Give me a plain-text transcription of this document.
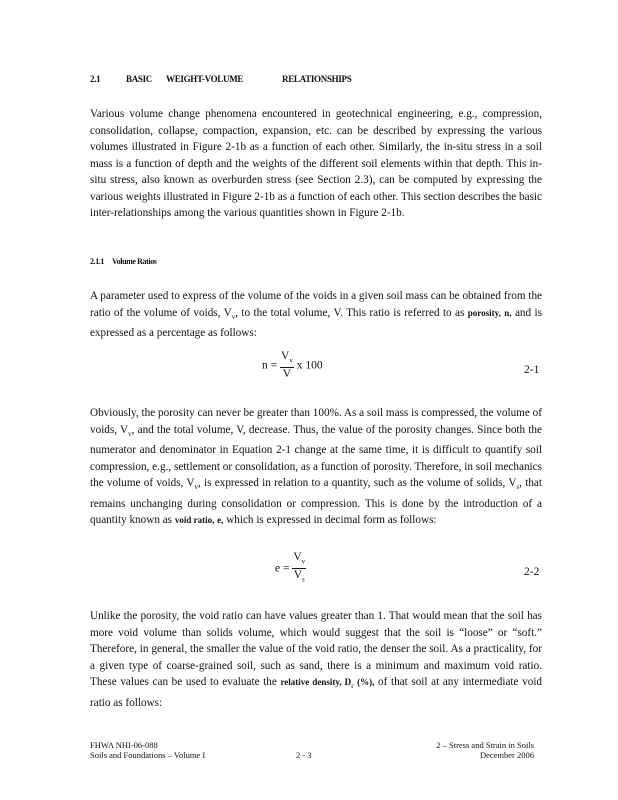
2.1	BASIC WEIGHT-VOLUME	RELATIONSHIPS

Various volume change phenomena encountered in geotechnical engineering, e.g., compression, consolidation, collapse, compaction, expansion, etc. can be described by expressing the various volumes illustrated in Figure 2-1b as a function of each other. Similarly, the in-situ stress in a soil mass is a function of depth and the weights of the different soil elements within that depth. This in-situ stress, also known as overburden stress (see Section 2.3), can be computed by expressing the various weights illustrated in Figure 2-1b as a function of each other. This section describes the basic inter-relationships among the various quantities shown in Figure 2-1b.

2.1.1 Volume Ratios

A parameter used to express of the volume of the voids in a given soil mass can be obtained from the ratio of the volume of voids, $V_v$, to the total volume, V. This ratio is referred to as porosity, n, and is expressed as a percentage as follows:

$n = \frac{V_v}{V}$ x 100	2-1

Obviously, the porosity can never be greater than 100%. As a soil mass is compressed, the volume of voids, $V_v$, and the total volume, V, decrease. Thus, the value of the porosity changes. Since both the numerator and denominator in Equation 2-1 change at the same time, it is difficult to quantify soil compression, e.g., settlement or consolidation, as a function of porosity. Therefore, in soil mechanics the volume of voids, $V_v$, is expressed in relation to a quantity, such as the volume of solids, $V_s$, that remains unchanging during consolidation or compression. This is done by the introduction of a quantity known as void ratio, e, which is expressed in decimal form as follows:

$e = \frac{V_v}{V_s}$	2-2

Unlike the porosity, the void ratio can have values greater than 1. That would mean that the soil has more void volume than solids volume, which would suggest that the soil is “loose” or “soft.” Therefore, in general, the smaller the value of the void ratio, the denser the soil. As a practicality, for a given type of coarse-grained soil, such as sand, there is a minimum and maximum void ratio. These values can be used to evaluate the relative density, $D_r$ (%), of that soil at any intermediate void ratio as follows:

FHWA NHI-06-088
Soils and Foundations – Volume I	2 - 3
2 – Stress and Strain in Soils
December 2006
